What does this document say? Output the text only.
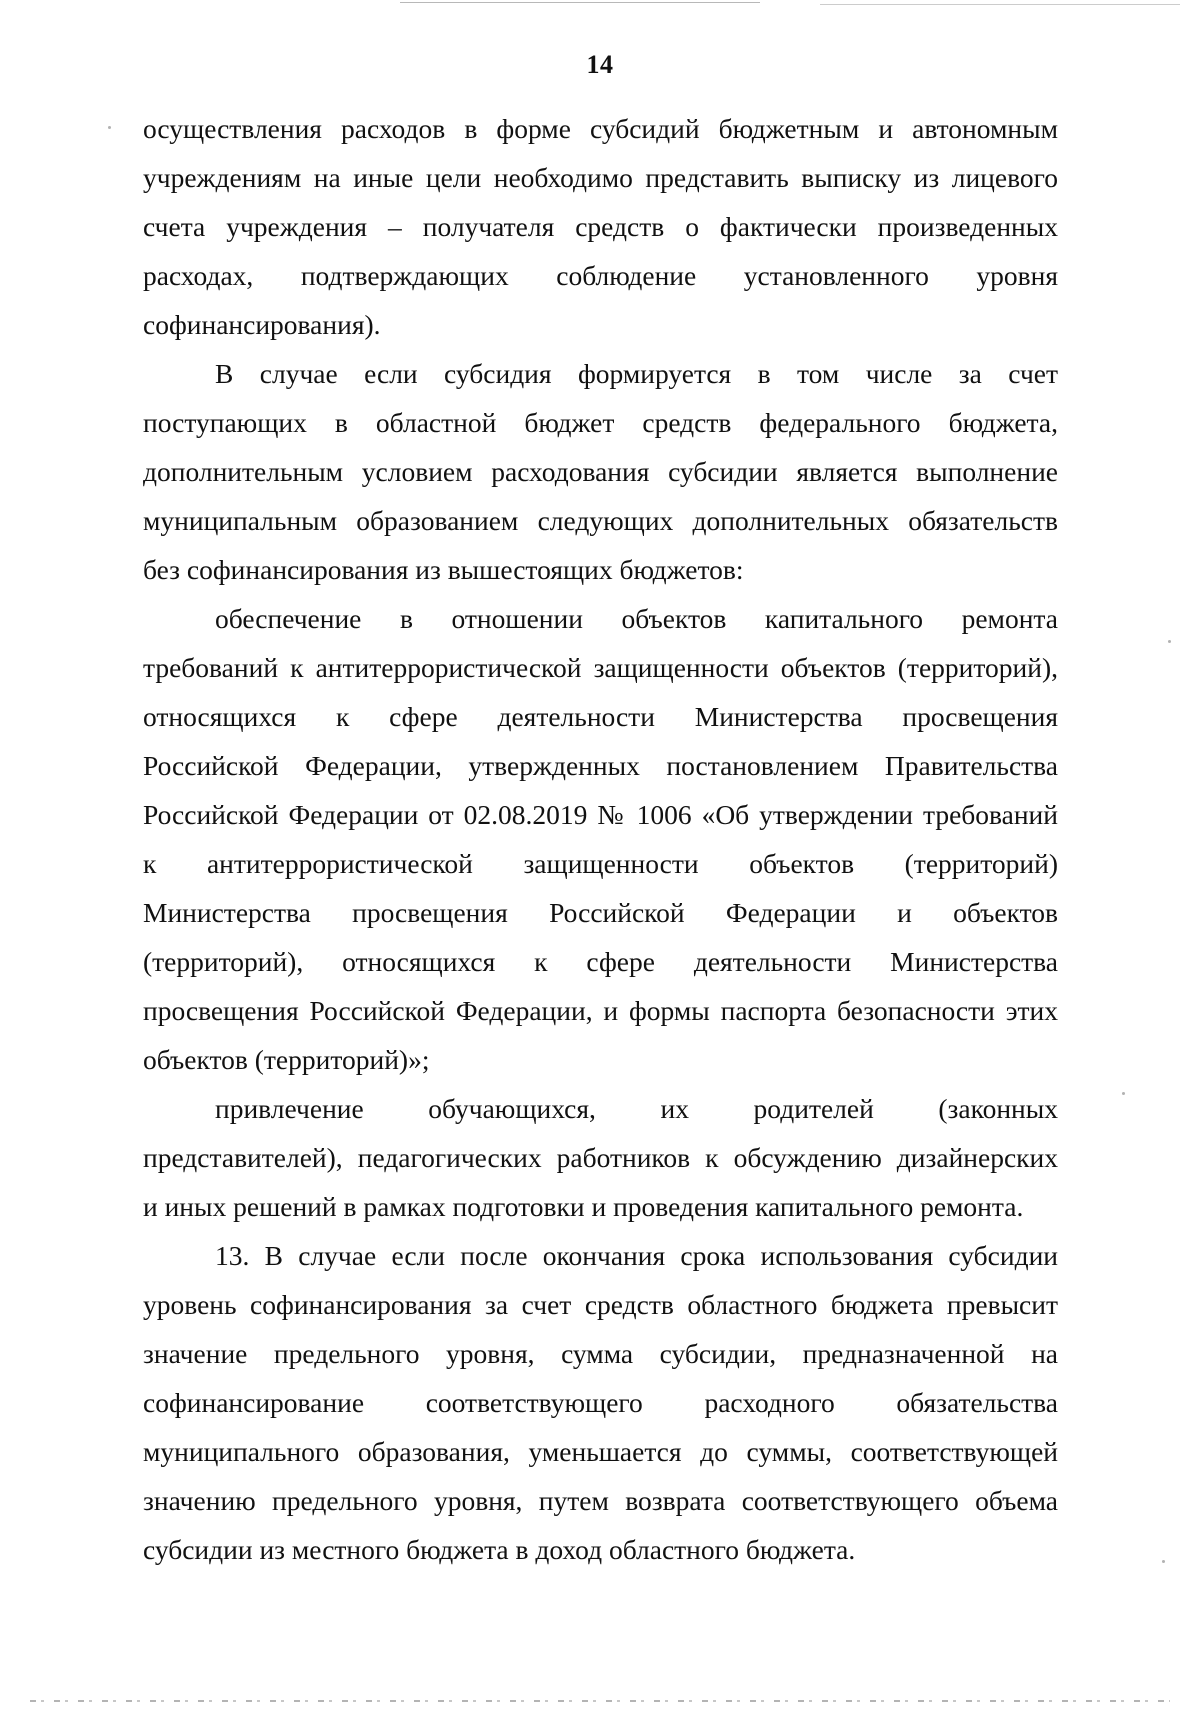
14
осуществления расходов в форме субсидий бюджетным и автономным
учреждениям на иные цели необходимо представить выписку из лицевого
счета учреждения – получателя средств о фактически произведенных
расходах, подтверждающих соблюдение установленного уровня
софинансирования).
В случае если субсидия формируется в том числе за счет
поступающих в областной бюджет средств федерального бюджета,
дополнительным условием расходования субсидии является выполнение
муниципальным образованием следующих дополнительных обязательств
без софинансирования из вышестоящих бюджетов:
обеспечение в отношении объектов капитального ремонта
требований к антитеррористической защищенности объектов (территорий),
относящихся к сфере деятельности Министерства просвещения
Российской Федерации, утвержденных постановлением Правительства
Российской Федерации от 02.08.2019 № 1006 «Об утверждении требований
к антитеррористической защищенности объектов (территорий)
Министерства просвещения Российской Федерации и объектов
(территорий), относящихся к сфере деятельности Министерства
просвещения Российской Федерации, и формы паспорта безопасности этих
объектов (территорий)»;
привлечение обучающихся, их родителей (законных
представителей), педагогических работников к обсуждению дизайнерских
и иных решений в рамках подготовки и проведения капитального ремонта.
13. В случае если после окончания срока использования субсидии
уровень софинансирования за счет средств областного бюджета превысит
значение предельного уровня, сумма субсидии, предназначенной на
софинансирование соответствующего расходного обязательства
муниципального образования, уменьшается до суммы, соответствующей
значению предельного уровня, путем возврата соответствующего объема
субсидии из местного бюджета в доход областного бюджета.
